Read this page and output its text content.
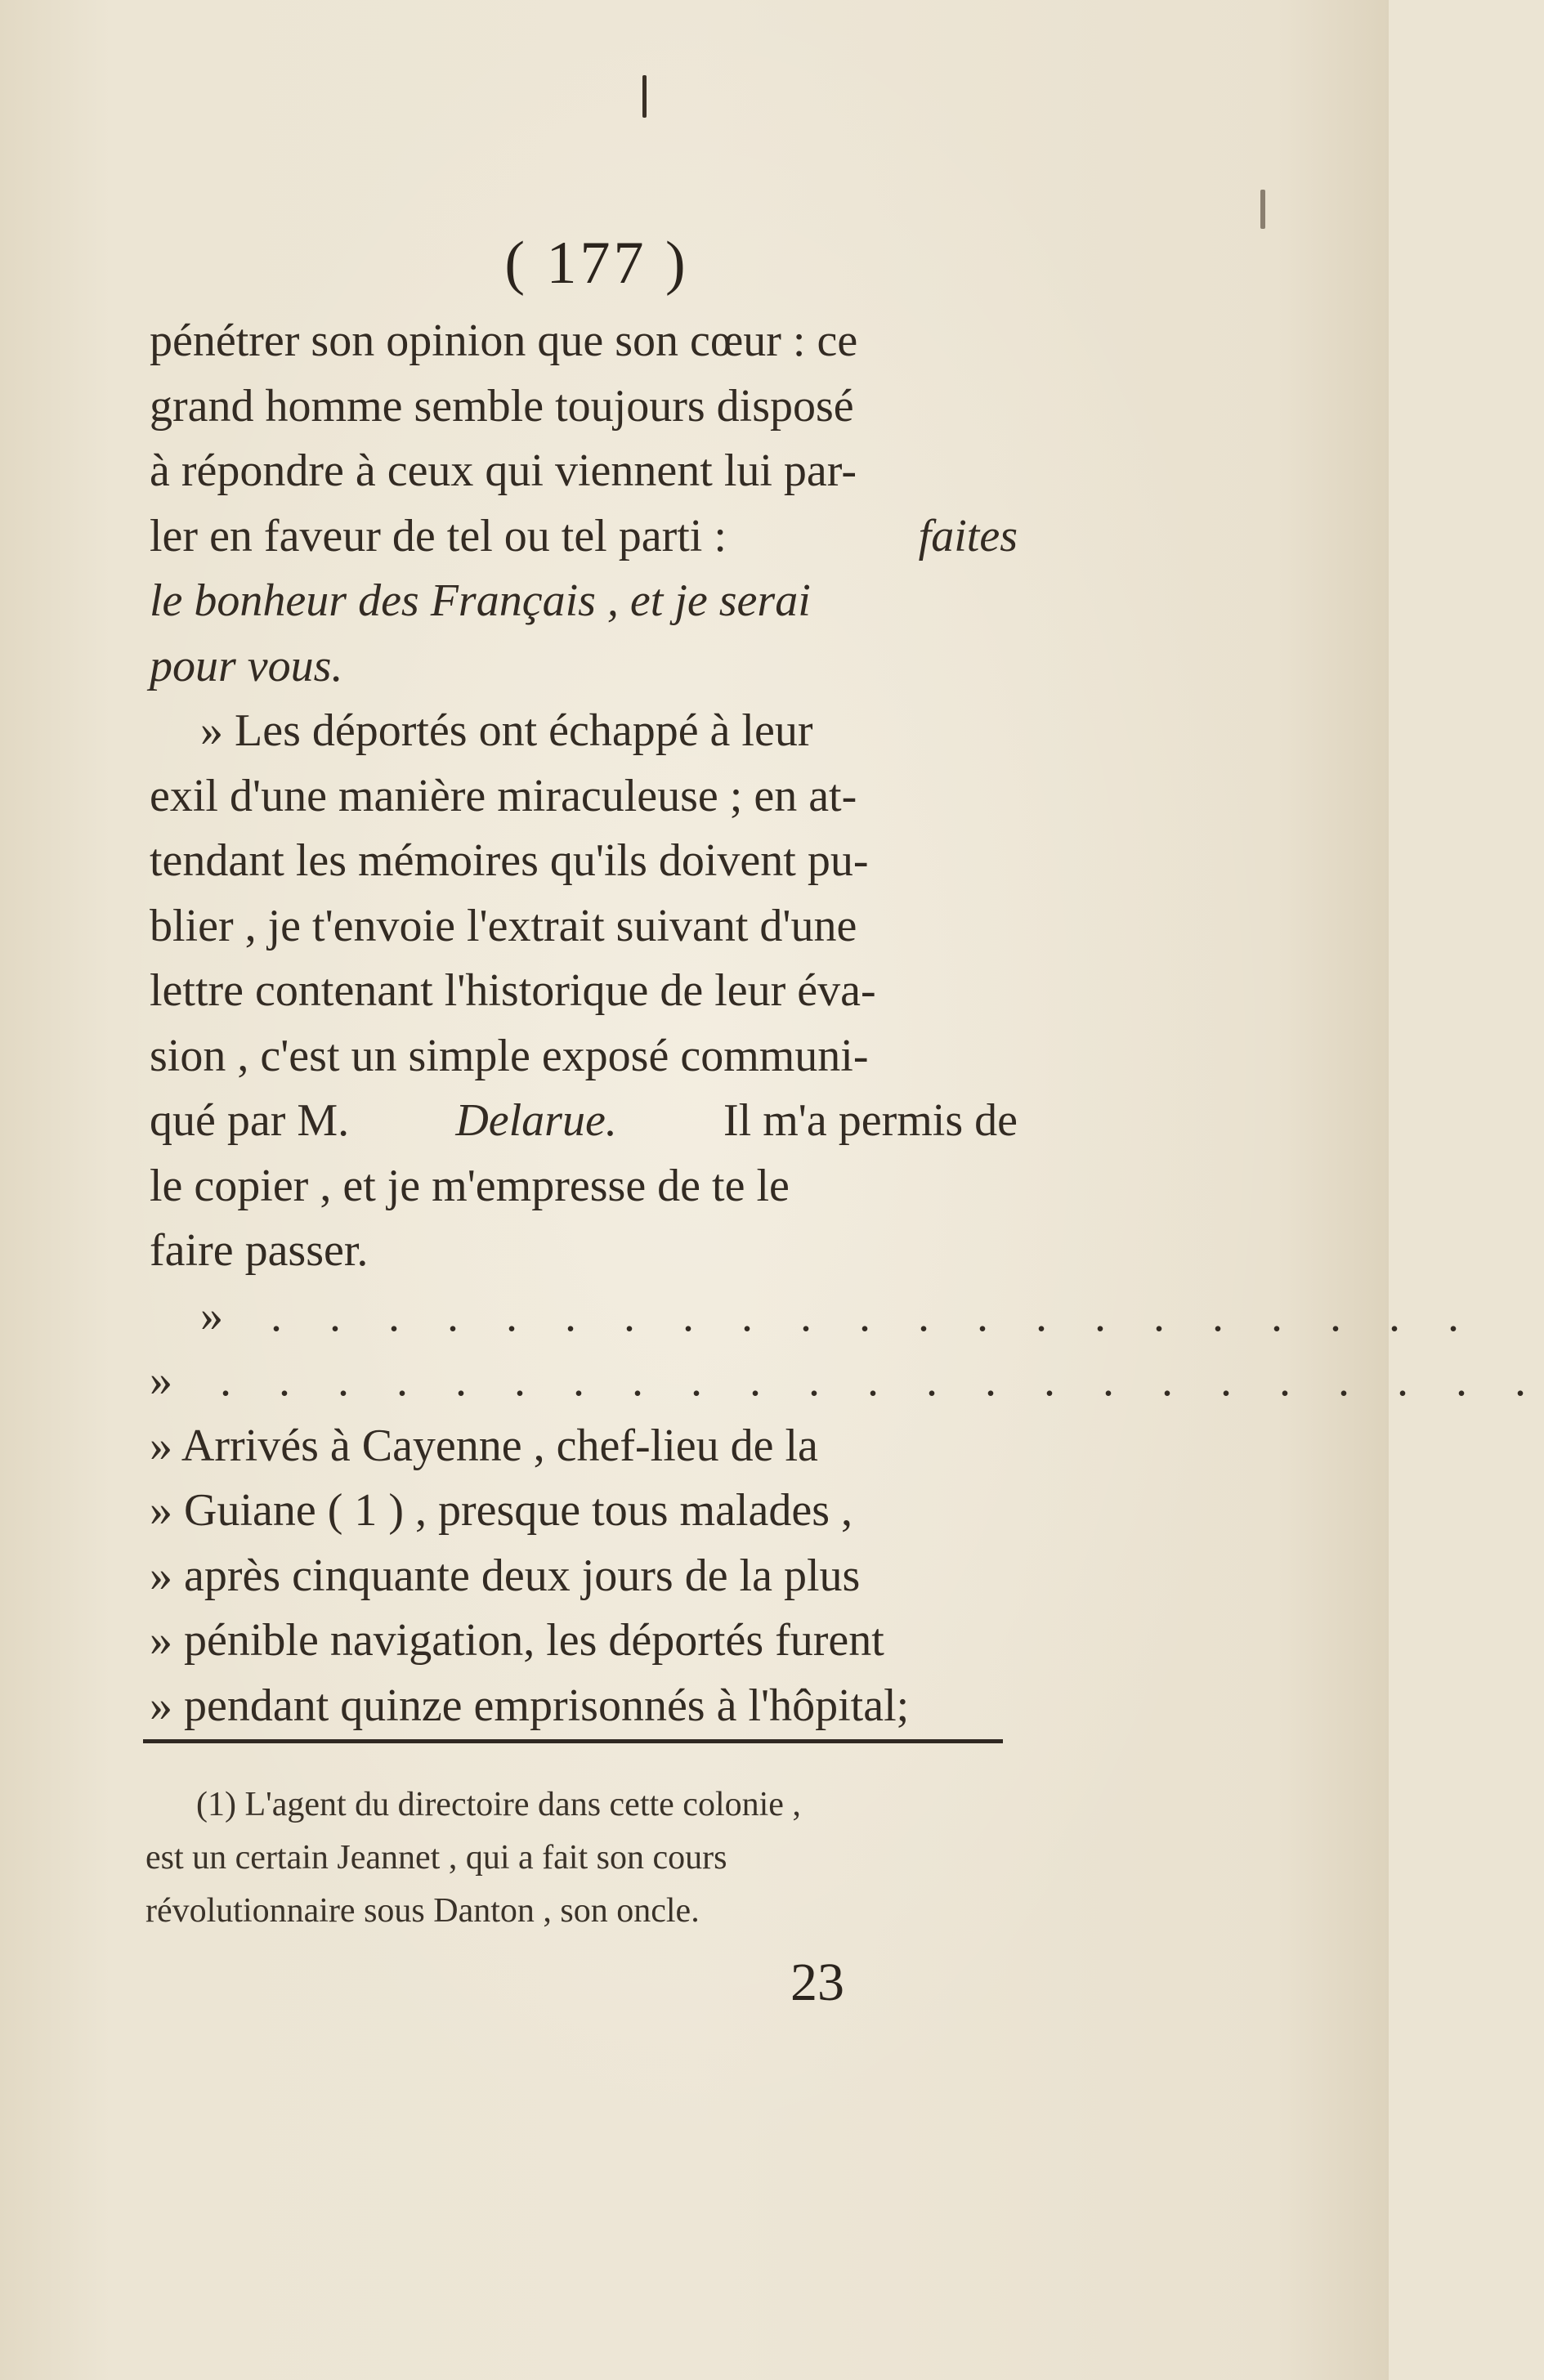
( 177 )
pénétrer son opinion que son cœur : ce
grand homme semble toujours disposé
à répondre à ceux qui viennent lui par-
ler en faveur de tel ou tel parti :	faites
le bonheur des Français , et je serai
pour vous.
» Les déportés ont échappé à leur
exil d'une manière miraculeuse ; en at-
tendant les mémoires qu'ils doivent pu-
blier , je t'envoie l'extrait suivant d'une
lettre contenant l'historique de leur éva-
sion , c'est un simple exposé communi-
qué par M. Delarue. Il m'a permis de
le copier , et je m'empresse de te le
faire passer.
» . . . . . . . . . . . . . . . . . . . . .
» . . . . . . . . . . . . . . . . . . . . . . .
» Arrivés à Cayenne , chef-lieu de la
» Guiane ( 1 ) , presque tous malades ,
» après cinquante deux jours de la plus
» pénible navigation, les déportés furent
» pendant quinze emprisonnés à l'hôpital;
(1) L'agent du directoire dans cette colonie ,
est un certain Jeannet , qui a fait son cours
révolutionnaire sous Danton , son oncle.
23
